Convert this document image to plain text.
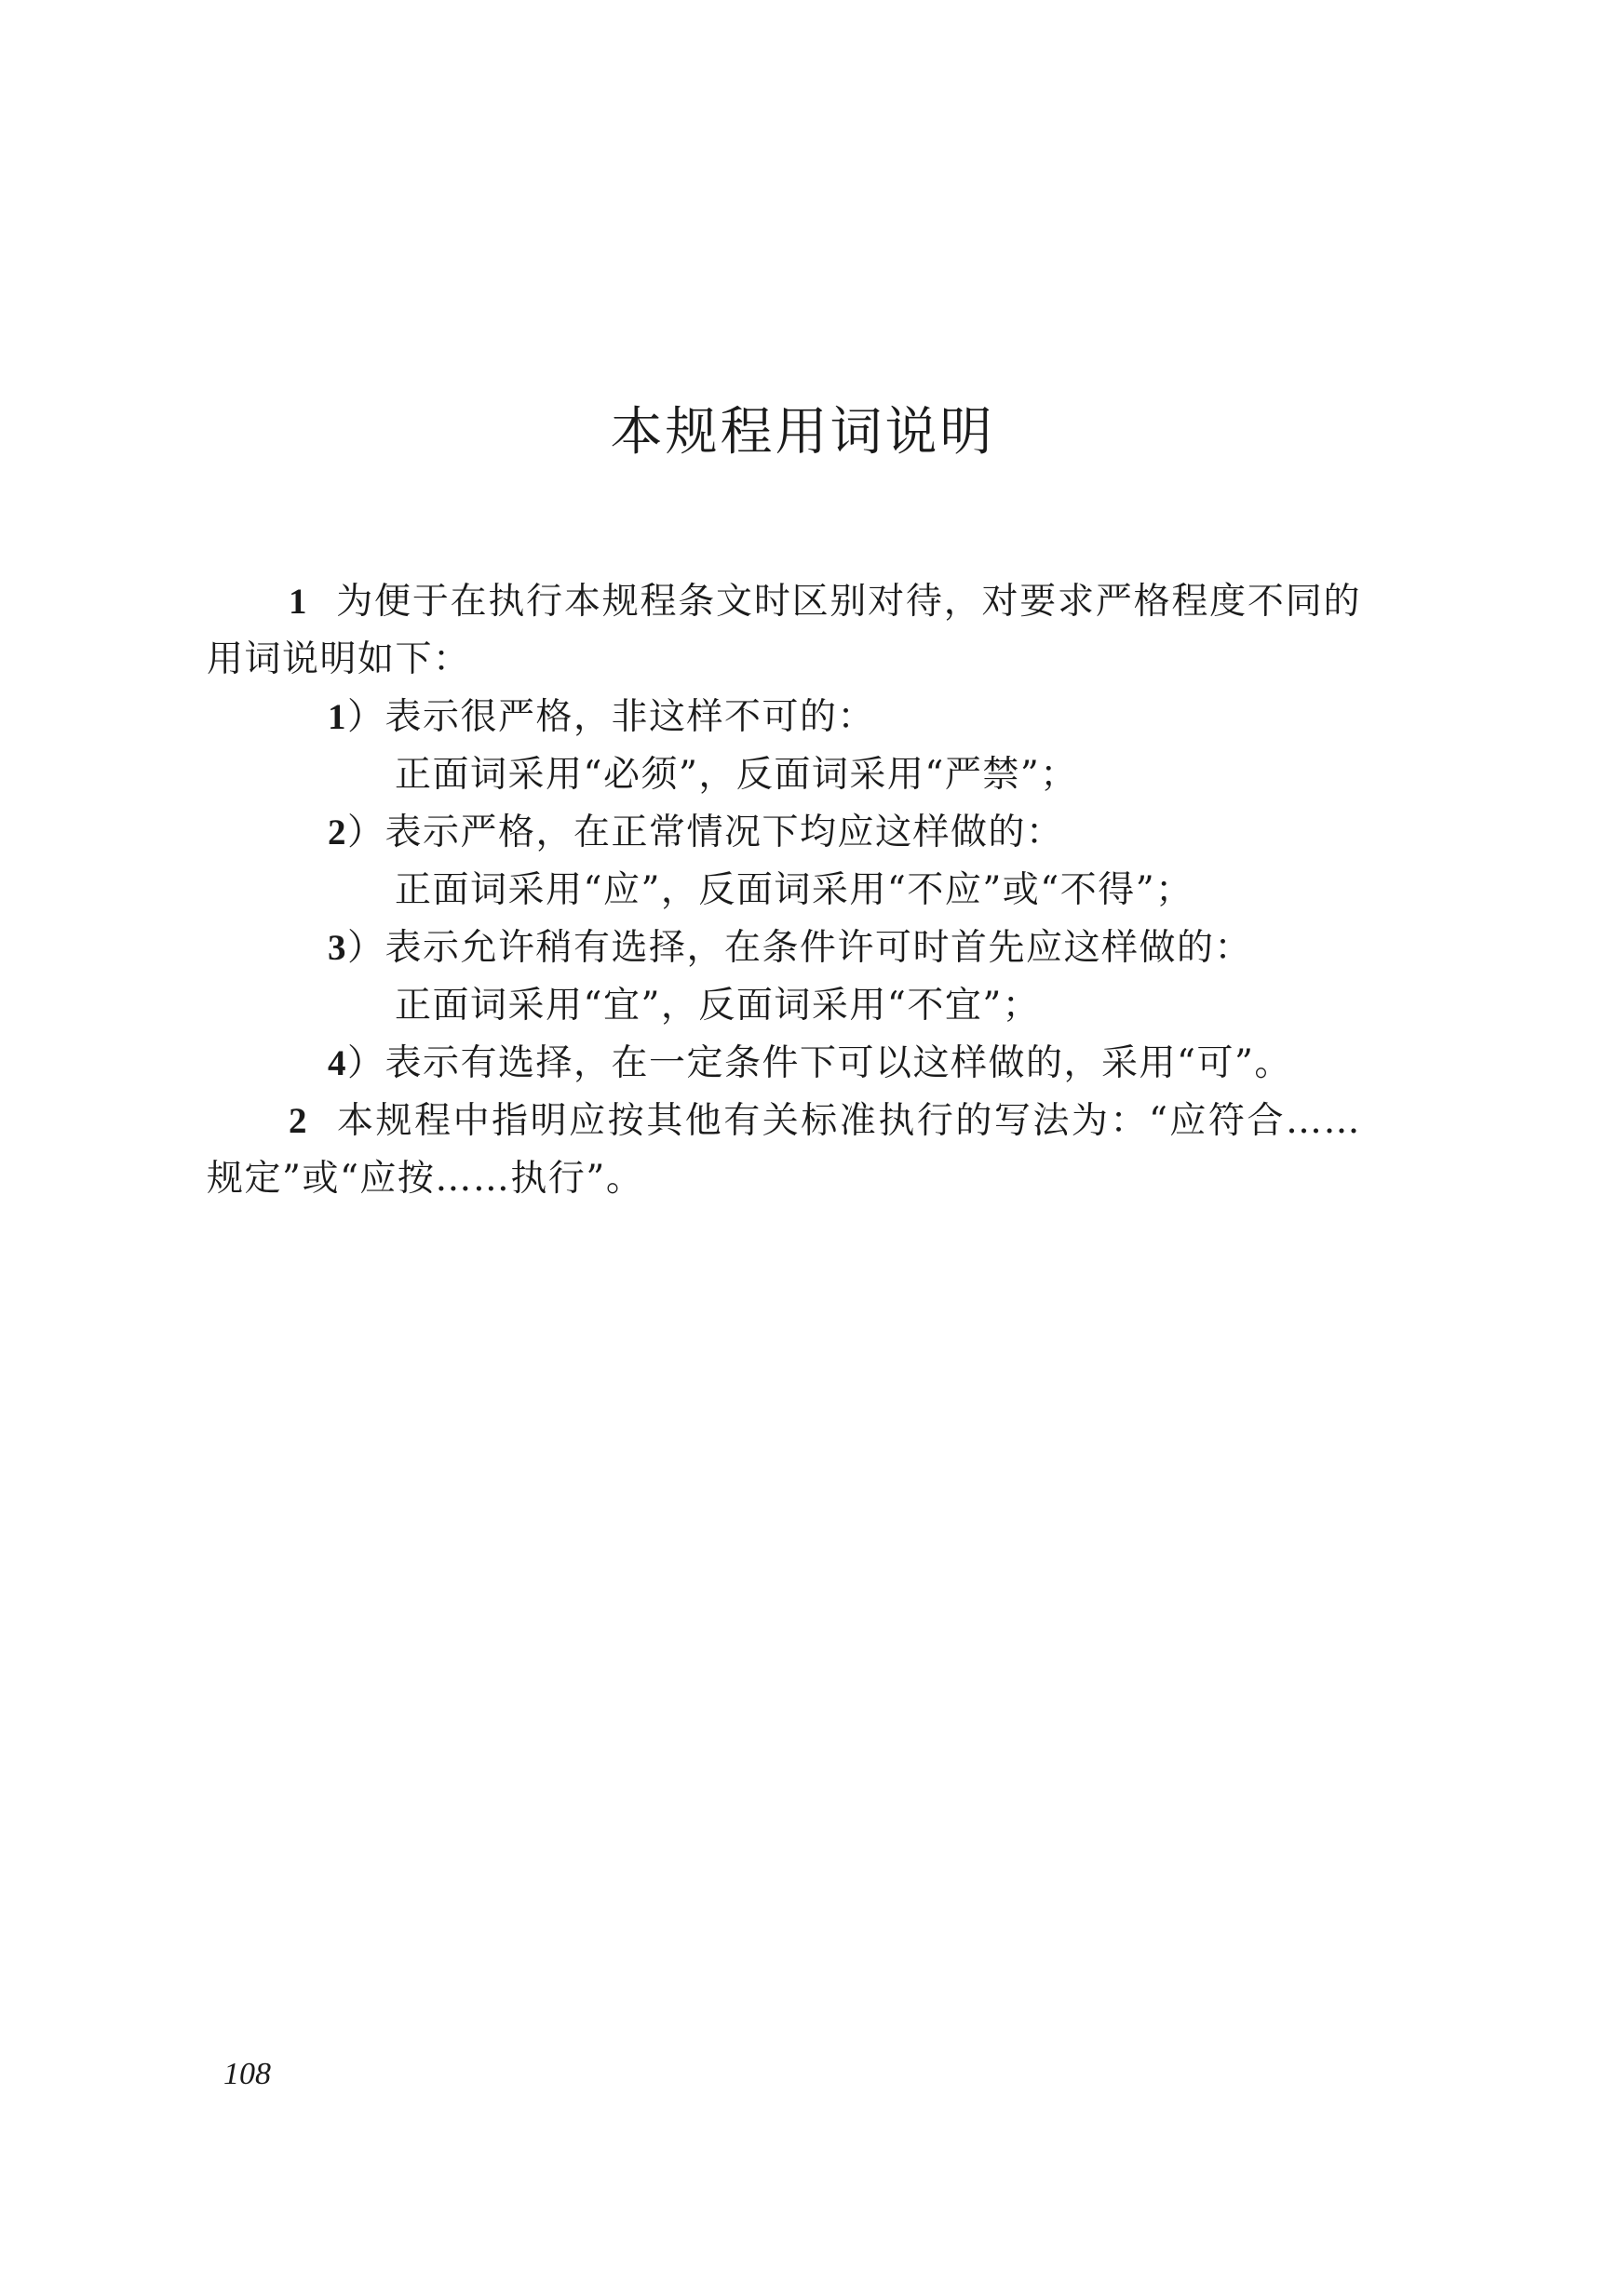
本规程用词说明

1 为便于在执行本规程条文时区别对待，对要求严格程度不同的用词说明如下：

1）表示很严格，非这样不可的：

正面词采用“必须”，反面词采用“严禁”；

2）表示严格，在正常情况下均应这样做的：

正面词采用“应”，反面词采用“不应”或“不得”；

3）表示允许稍有选择，在条件许可时首先应这样做的：

正面词采用“宜”，反面词采用“不宜”；

4）表示有选择，在一定条件下可以这样做的，采用“可”。

2 本规程中指明应按其他有关标准执行的写法为：“应符合……规定”或“应按……执行”。

108
